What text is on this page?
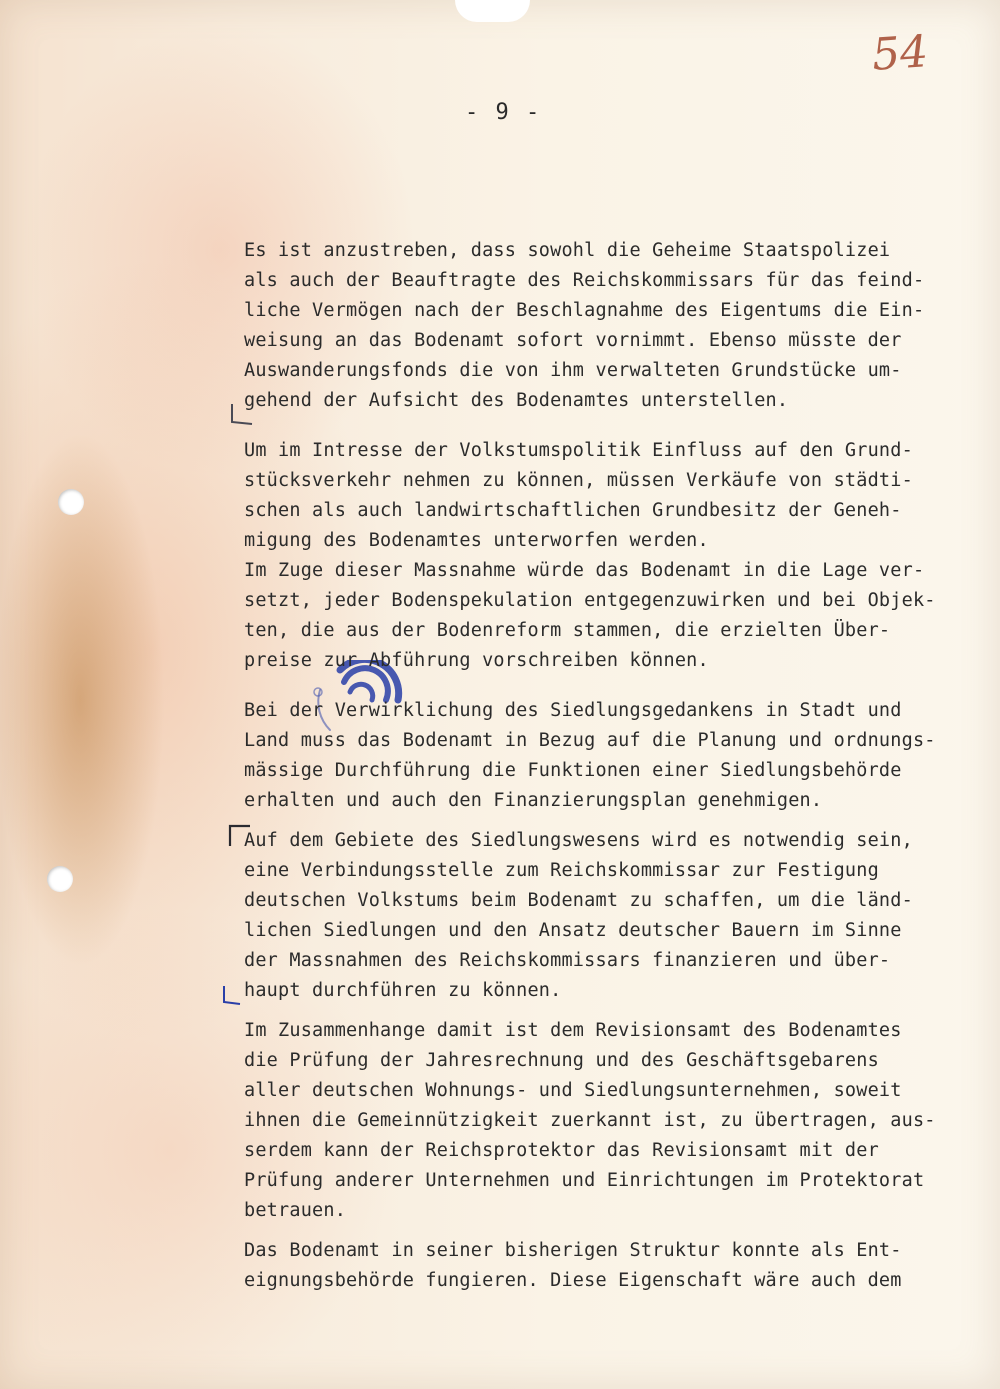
54
- 9 -

Es ist anzustreben, dass sowohl die Geheime Staatspolizei
als auch der Beauftragte des Reichskommissars für das feind-
liche Vermögen nach der Beschlagnahme des Eigentums die Ein-
weisung an das Bodenamt sofort vornimmt. Ebenso müsste der
Auswanderungsfonds die von ihm verwalteten Grundstücke um-
gehend der Aufsicht des Bodenamtes unterstellen.

Um im Intresse der Volkstumspolitik Einfluss auf den Grund-
stücksverkehr nehmen zu können, müssen Verkäufe von städti-
schen als auch landwirtschaftlichen Grundbesitz der Geneh-
migung des Bodenamtes unterworfen werden.
Im Zuge dieser Massnahme würde das Bodenamt in die Lage ver-
setzt, jeder Bodenspekulation entgegenzuwirken und bei Objek-
ten, die aus der Bodenreform stammen, die erzielten Über-
preise zur Abführung vorschreiben können.

Bei der Verwirklichung des Siedlungsgedankens in Stadt und
Land muss das Bodenamt in Bezug auf die Planung und ordnungs-
mässige Durchführung die Funktionen einer Siedlungsbehörde
erhalten und auch den Finanzierungsplan genehmigen.

Auf dem Gebiete des Siedlungswesens wird es notwendig sein,
eine Verbindungsstelle zum Reichskommissar zur Festigung
deutschen Volkstums beim Bodenamt zu schaffen, um die länd-
lichen Siedlungen und den Ansatz deutscher Bauern im Sinne
der Massnahmen des Reichskommissars finanzieren und über-
haupt durchführen zu können.

Im Zusammenhange damit ist dem Revisionsamt des Bodenamtes
die Prüfung der Jahresrechnung und des Geschäftsgebarens
aller deutschen Wohnungs- und Siedlungsunternehmen, soweit
ihnen die Gemeinnützigkeit zuerkannt ist, zu übertragen, aus-
serdem kann der Reichsprotektor das Revisionsamt mit der
Prüfung anderer Unternehmen und Einrichtungen im Protektorat
betrauen.

Das Bodenamt in seiner bisherigen Struktur konnte als Ent-
eignungsbehörde fungieren. Diese Eigenschaft wäre auch dem
